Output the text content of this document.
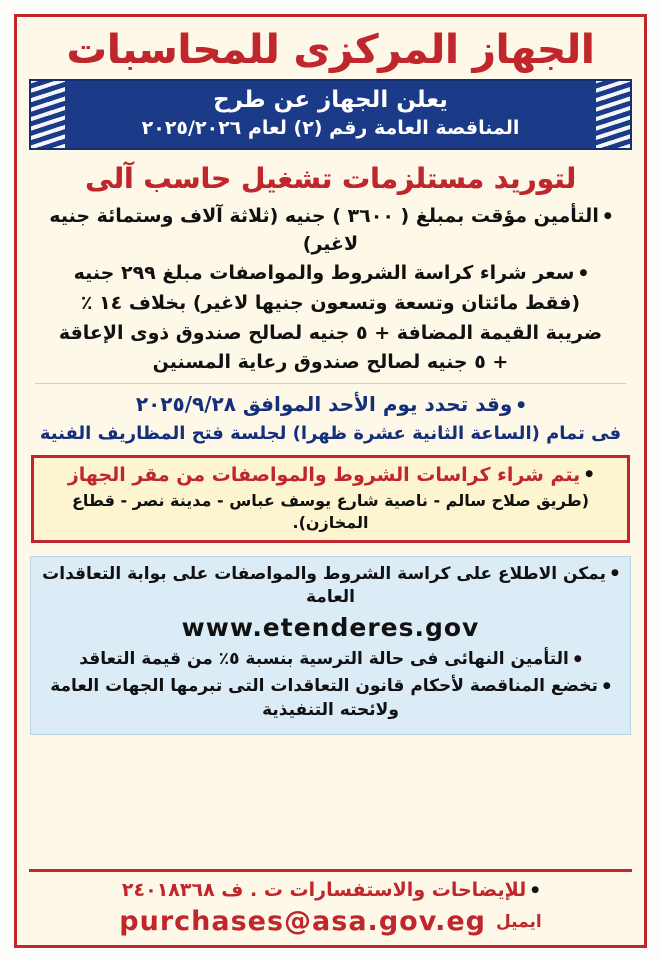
الجهاز المركزى للمحاسبات
يعلن الجهاز عن طرح
المناقصة العامة رقم (٢) لعام ٢٠٢٥/٢٠٢٦
لتوريد مستلزمات تشغيل حاسب آلى
● التأمين مؤقت بمبلغ ( ٣٦٠٠ ) جنيه (ثلاثة آلاف وستمائة جنيه لاغير)
● سعر شراء كراسة الشروط والمواصفات مبلغ ٢٩٩ جنيه
(فقط مائتان وتسعة وتسعون جنيها لاغير) بخلاف ١٤ ٪
ضريبة القيمة المضافة + ٥ جنيه لصالح صندوق ذوى الإعاقة
+ ٥ جنيه لصالح صندوق رعاية المسنين
● وقد تحدد يوم الأحد الموافق ٢٠٢٥/٩/٢٨
فى تمام (الساعة الثانية عشرة ظهرا) لجلسة فتح المظاريف الفنية
● يتم شراء كراسات الشروط والمواصفات من مقر الجهاز
(طريق صلاح سالم - ناصية شارع يوسف عباس - مدينة نصر - قطاع المخازن).
● يمكن الاطلاع على كراسة الشروط والمواصفات على بوابة التعاقدات العامة
www.etenderes.gov
● التأمين النهائى فى حالة الترسية بنسبة ٥٪ من قيمة التعاقد
● تخضع المناقصة لأحكام قانون التعاقدات التى تبرمها الجهات العامة ولائحته التنفيذية
● للإيضاحات والاستفسارات ت . ف ٢٤٠١٨٣٦٨
ايميل
purchases@asa.gov.eg
